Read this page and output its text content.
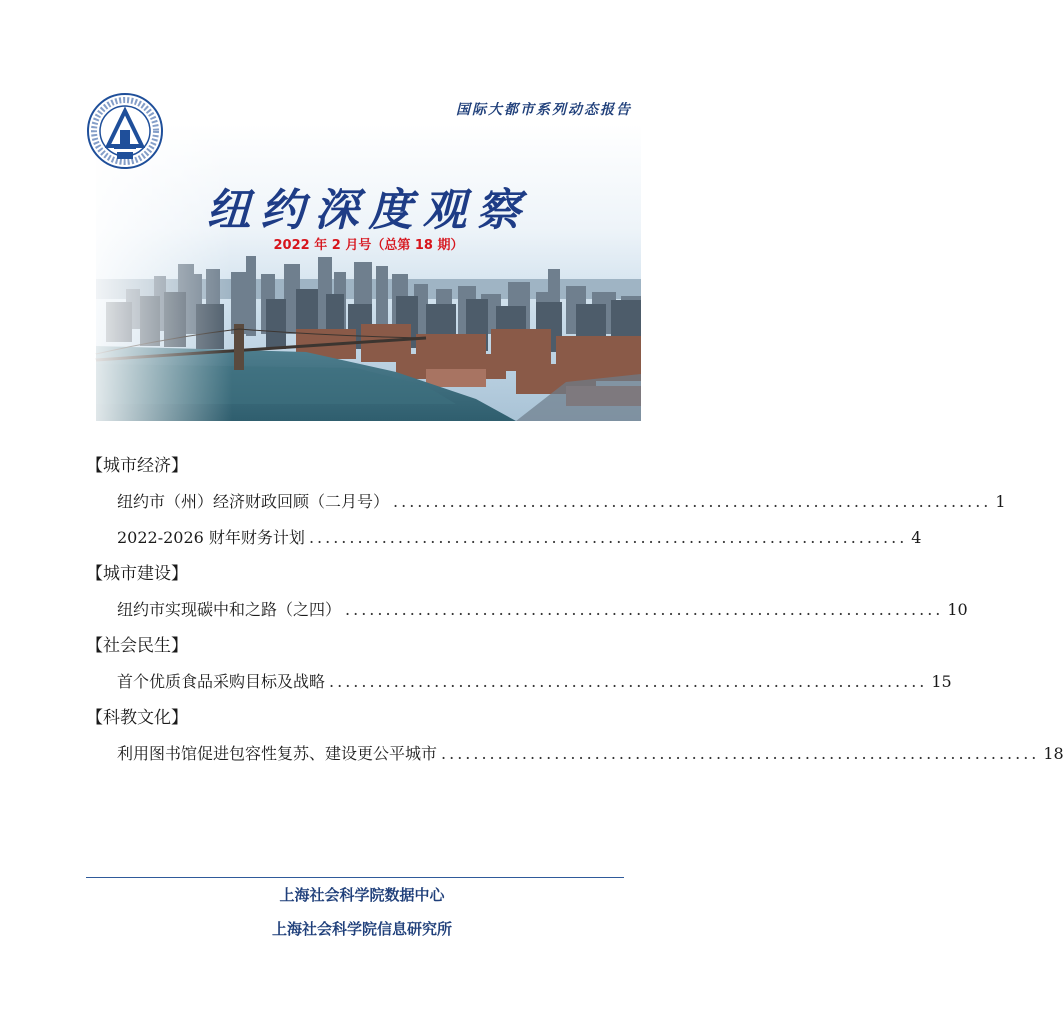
国际大都市系列动态报告
纽约深度观察
2022 年 2 月号（总第 18 期）
【城市经济】
纽约市（州）经济财政回顾（二月号） .......................................................................... 1
2022-2026 财年财务计划 .......................................................................... 4
【城市建设】
纽约市实现碳中和之路（之四） .......................................................................... 10
【社会民生】
首个优质食品采购目标及战略 .......................................................................... 15
【科教文化】
利用图书馆促进包容性复苏、建设更公平城市 .......................................................................... 18
上海社会科学院数据中心
上海社会科学院信息研究所
